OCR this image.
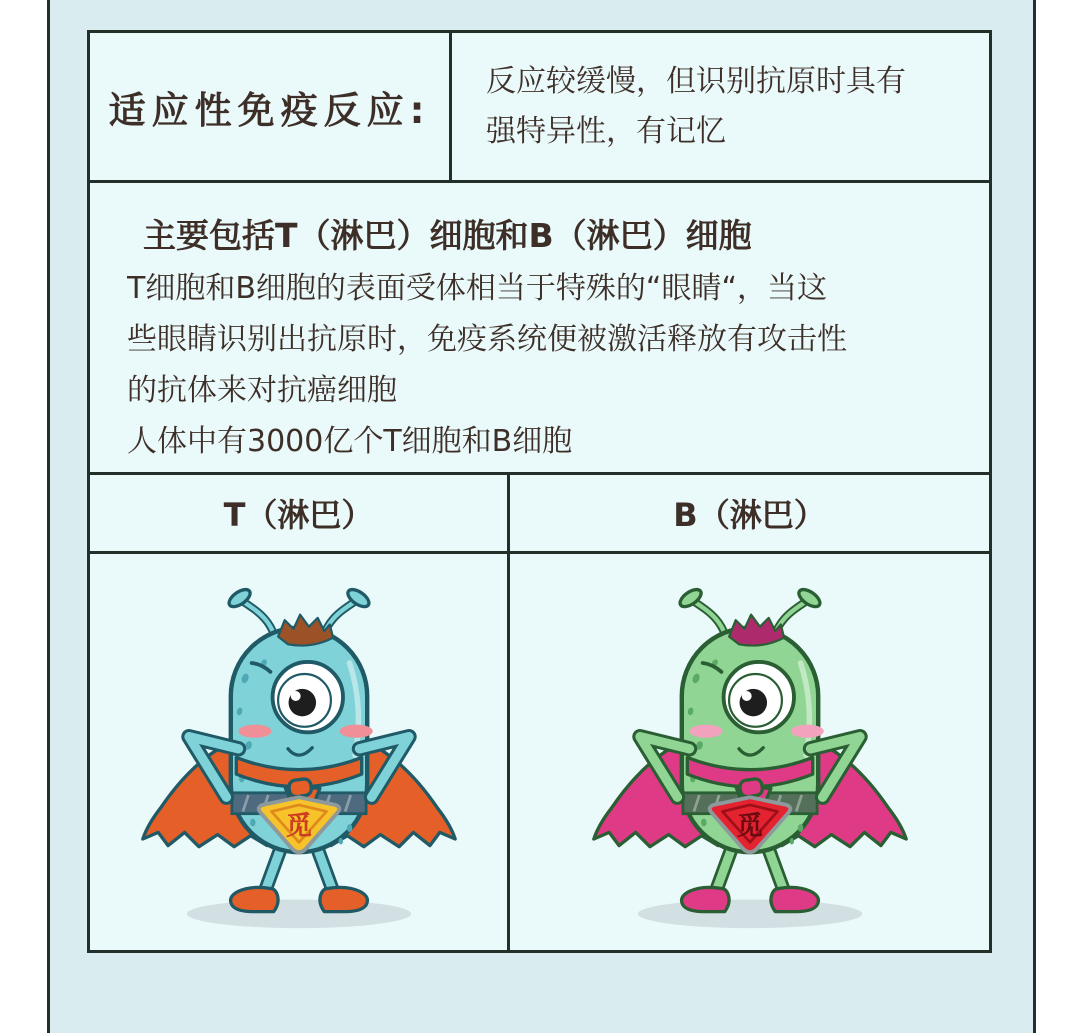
适应性免疫反应:
反应较缓慢，但识别抗原时具有
强特异性，有记忆
主要包括T（淋巴）细胞和B（淋巴）细胞
T细胞和B细胞的表面受体相当于特殊的“眼睛“，当这
些眼睛识别出抗原时，免疫系统便被激活释放有攻击性
的抗体来对抗癌细胞
人体中有3000亿个T细胞和B细胞
T（淋巴）	B（淋巴）
觅	觅
